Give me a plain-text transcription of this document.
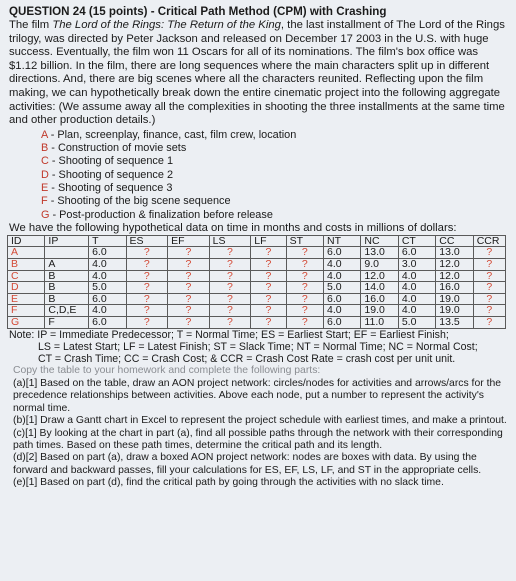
QUESTION 24 (15 points) - Critical Path Method (CPM) with Crashing
The film The Lord of the Rings: The Return of the King, the last installment of The Lord of the Rings trilogy, was directed by Peter Jackson and released on December 17 2003 in the U.S. with huge success. Eventually, the film won 11 Oscars for all of its nominations. The film's box office was $1.12 billion. In the film, there are long sequences where the main characters split up in different directions. And, there are big scenes where all the characters reunited. Reflecting upon the film making, we can hypothetically break down the entire cinematic project into the following aggregate activities: (We assume away all the complexities in shooting the three installments at the same time and other production details.)
A - Plan, screenplay, finance, cast, film crew, location
B - Construction of movie sets
C - Shooting of sequence 1
D - Shooting of sequence 2
E - Shooting of sequence 3
F - Shooting of the big scene sequence
G - Post-production & finalization before release
We have the following hypothetical data on time in months and costs in millions of dollars:
ID	IP	T	ES	EF	LS	LF	ST	NT	NC	CT	CC	CCR
A		6.0	?	?	?	?	?	6.0	13.0	6.0	13.0	?
B	A	4.0	?	?	?	?	?	4.0	9.0	3.0	12.0	?
C	B	4.0	?	?	?	?	?	4.0	12.0	4.0	12.0	?
D	B	5.0	?	?	?	?	?	5.0	14.0	4.0	16.0	?
E	B	6.0	?	?	?	?	?	6.0	16.0	4.0	19.0	?
F	C,D,E	4.0	?	?	?	?	?	4.0	19.0	4.0	19.0	?
G	F	6.0	?	?	?	?	?	6.0	11.0	5.0	13.5	?
Note: IP = Immediate Predecessor; T = Normal Time; ES = Earliest Start; EF = Earliest Finish;
LS = Latest Start; LF = Latest Finish; ST = Slack Time; NT = Normal Time; NC = Normal Cost;
CT = Crash Time; CC = Crash Cost; & CCR = Crash Cost Rate = crash cost per unit unit.
Copy the table to your homework and complete the following parts:
(a)[1] Based on the table, draw an AON project network: circles/nodes for activities and arrows/arcs for the precedence relationships between activities. Above each node, put a number to represent the activity's normal time.
(b)[1] Draw a Gantt chart in Excel to represent the project schedule with earliest times, and make a printout.
(c)[1] By looking at the chart in part (a), find all possible paths through the network with their corresponding path times. Based on these path times, determine the critical path and its length.
(d)[2] Based on part (a), draw a boxed AON project network: nodes are boxes with data. By using the forward and backward passes, fill your calculations for ES, EF, LS, LF, and ST in the appropriate cells.
(e)[1] Based on part (d), find the critical path by going through the activities with no slack time.
